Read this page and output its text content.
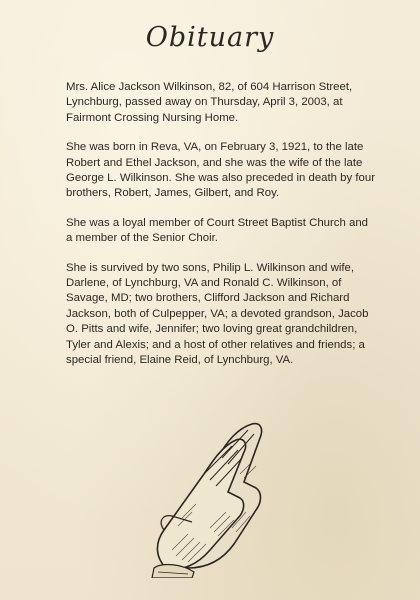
Obituary

Mrs. Alice Jackson Wilkinson, 82, of 604 Harrison Street, Lynchburg, passed away on Thursday, April 3, 2003, at Fairmont Crossing Nursing Home.

She was born in Reva, VA, on February 3, 1921, to the late Robert and Ethel Jackson, and she was the wife of the late George L. Wilkinson. She was also preceded in death by four brothers, Robert, James, Gilbert, and Roy.

She was a loyal member of Court Street Baptist Church and a member of the Senior Choir.

She is survived by two sons, Philip L. Wilkinson and wife, Darlene, of Lynchburg, VA and Ronald C. Wilkinson, of Savage, MD; two brothers, Clifford Jackson and Richard Jackson, both of Culpepper, VA; a devoted grandson, Jacob O. Pitts and wife, Jennifer; two loving great grandchildren, Tyler and Alexis; and a host of other relatives and friends; a special friend, Elaine Reid, of Lynchburg, VA.
